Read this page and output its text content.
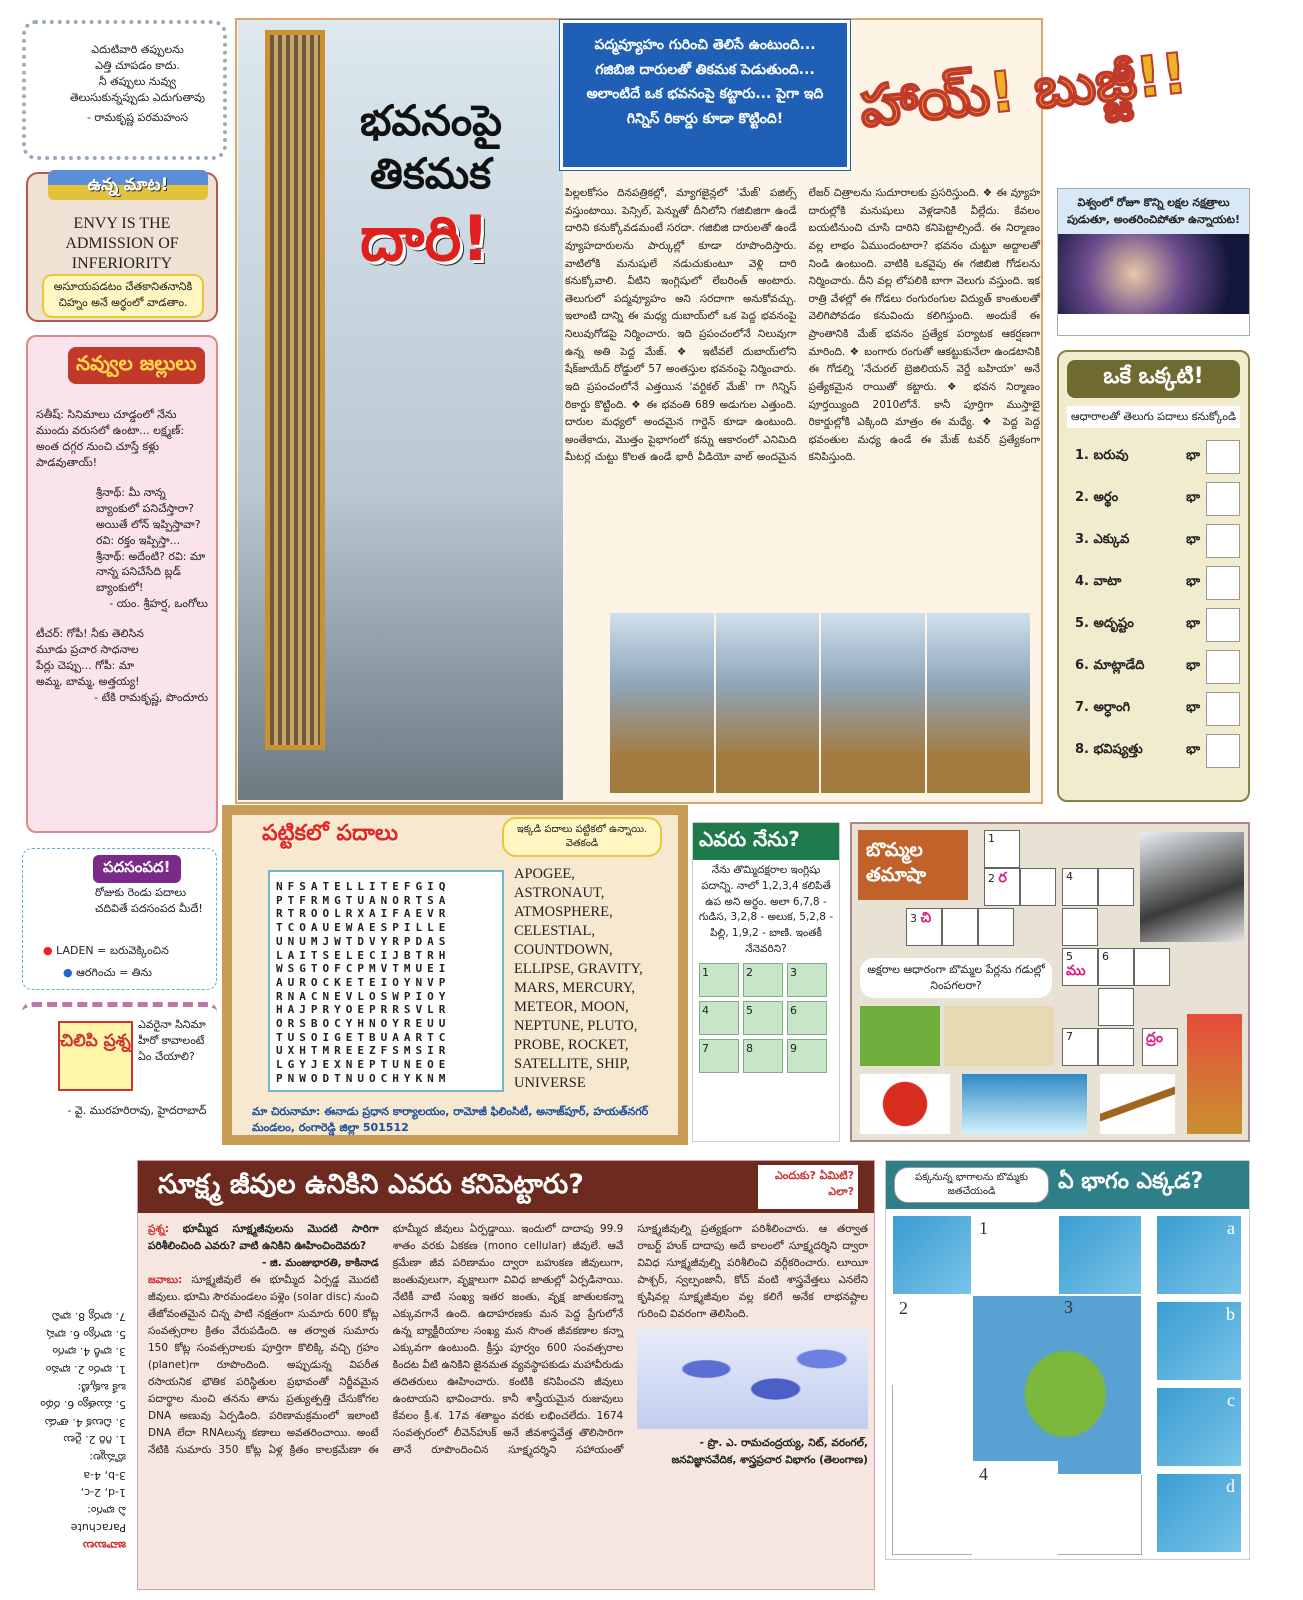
ఎదుటివారి తప్పులను
ఎత్తి చూపడం కాదు.
నీ తప్పులు నువ్వు
తెలుసుకున్నప్పుడు ఎదుగుతావు
- రామకృష్ణ పరమహంస
ఉన్న మాట!
ENVY IS THE ADMISSION OF INFERIORITY
అసూయపడటం చేతకానితనానికి చిహ్నం అనే అర్థంలో వాడతాం.
నవ్వుల జల్లులు

సతీష్: సినిమాలు చూడ్డంలో నేను ముందు వరుసలో ఉంటా... లక్ష్మణ్: అంత దగ్గర నుంచి చూస్తే కళ్లు పాడవుతాయ్!

శ్రీనాథ్: మీ నాన్న బ్యాంకులో పనిచేస్తారా? అయితే లోన్ ఇప్పిస్తావా? రవి: రక్తం ఇప్పిస్తా... శ్రీనాథ్: అదేంటి? రవి: మా నాన్న పనిచేసేది బ్లడ్ బ్యాంకులో!

- యం. శ్రీహర్ష, ఒంగోలు

టీచర్: గోపీ! నీకు తెలిసిన మూడు ప్రచార సాధనాల పేర్లు చెప్పు... గోపీ: మా అమ్మ, బామ్మ, అత్తయ్య!

- టేకి రామకృష్ణ, పొందూరు

పదసంపద!
రోజుకు రెండు పదాలు చదివితే పదసంపద మీదే!
● LADEN = బరువెక్కించిన
● ఆరగించు = తిను
చిలిపి ప్రశ్న
ఎవరైనా సినిమా హీరో కావాలంటే ఏం చేయాలి?
- వై. మురహరిరావు, హైదరాబాద్
భవనంపై
తికమక
దారి!
పద్మవ్యూహం గురించి తెలిసే ఉంటుంది... గజిబిజి దారులతో తికమక పెడుతుంది... అలాంటిదే ఒక భవనంపై కట్టారు... పైగా ఇది గిన్నిస్ రికార్డు కూడా కొట్టింది!
పిల్లలకోసం దినపత్రికల్లో, మ్యాగజైన్లలో 'మేజ్' పజిల్స్ వస్తుంటాయి. పెన్సిల్, పెన్నుతో దీనిలోని గజిబిజిగా ఉండే దారిని కనుక్కోవడమంటే సరదా. గజిబిజి దారులతో ఉండే వ్యూహదారులను పార్కుల్లో కూడా రూపొందిస్తారు. వాటిలోకి మనుషులే నడుచుకుంటూ వెళ్లి దారి కనుక్కోవాలి. వీటిని ఇంగ్లిషులో లేబరింత్ అంటారు. తెలుగులో పద్మవ్యూహం అని సరదాగా అనుకోవచ్చు. ఇలాంటి దాన్ని ఈ మధ్య దుబాయ్‌లో ఒక పెద్ద భవనంపై నిలువుగోడపై నిర్మించారు. ఇది ప్రపంచంలోనే నిలువుగా ఉన్న అతి పెద్ద మేజ్. ❖ ఇటీవలే దుబాయ్‌లోని షేక్‌జాయేద్ రోడ్డులో 57 అంతస్తుల భవనంపై నిర్మించారు. ఇది ప్రపంచంలోనే ఎత్తయిన 'వర్టికల్ మేజ్' గా గిన్నిస్ రికార్డు కొట్టింది. ❖ ఈ భవంతి 689 అడుగుల ఎత్తుంది. దారుల మధ్యలో అందమైన గార్డెన్ కూడా ఉంటుంది. అంతేకాదు, మొత్తం పైభాగంలో కన్ను ఆకారంలో ఎనిమిది మీటర్ల చుట్టు కొలత ఉండే భారీ వీడియో వాల్ అందమైన లేజర్ చిత్రాలను సుదూరాలకు ప్రసరిస్తుంది. ❖ ఈ వ్యూహ దారుల్లోకి మనుషులు వెళ్లడానికి వీల్లేదు. కేవలం బయటినుంచి చూసి దారిని కనిపెట్టాల్సిందే. ఈ నిర్మాణం వల్ల లాభం ఏముందంటారా? భవనం చుట్టూ అద్దాలతో నిండి ఉంటుంది. వాటికి ఒకవైపు ఈ గజిబిజి గోడలను నిర్మించారు. దీని వల్ల లోపలికి బాగా వెలుగు వస్తుంది. ఇక రాత్రి వేళల్లో ఈ గోడలు రంగురంగుల విద్యుత్ కాంతులతో వెలిగిపోవడం కనువిందు కలిగిస్తుంది. అందుకే ఈ ప్రాంతానికి మేజ్ భవనం ప్రత్యేక పర్యాటక ఆకర్షణగా మారింది. ❖ బంగారు రంగుతో ఆకట్టుకునేలా ఉండటానికి ఈ గోడల్ని 'నేచురల్ బ్రెజిలియన్ వెర్డే బహియా' అనే ప్రత్యేకమైన రాయితో కట్టారు. ❖ భవన నిర్మాణం పూర్తయ్యింది 2010లోనే. కానీ పూర్తిగా ముస్తాబై రికార్డుల్లోకి ఎక్కింది మాత్రం ఈ మధ్యే. ❖ పెద్ద పెద్ద భవంతుల మధ్య ఉండే ఈ మేజ్ టవర్ ప్రత్యేకంగా కనిపిస్తుంది.
హాయ్! బుజ్జీ!!
విశ్వంలో రోజూ కొన్ని లక్షల నక్షత్రాలు పుడుతూ, అంతరించిపోతూ ఉన్నాయట!
ఒకే ఒక్కటి!
ఆధారాలతో తెలుగు పదాలు కనుక్కోండి
1. బరువు	భా
2. అర్థం	భా
3. ఎక్కువ	భా
4. వాటా	భా
5. అదృష్టం	భా
6. మాట్లాడేది	భా
7. అర్ధాంగి	భా
8. భవిష్యత్తు	భా
పట్టికలో పదాలు	ఇక్కడి పదాలు పట్టికలో ఉన్నాయి. వెతకండి
NFSATELLITEFGIQ
PTFRMGTUANORTSA
RTROOLRXAIFAEVR
TCOAUEWAESPILLE
UNUMJWTDVYRPDAS
LAITSELECIJBTRH
WSGTOFCPMVTMUEI
AUROCKETEIOYNVP
RNACNEVLOSWPIOY
HAJPRYOEPRRSVLR
ORSBOCYHNOYREUU
TUSOIGETBUAARTC
UXHTMREEZFSMSIR
LGYJEXNEPTUNEOE
PNWODTNUOCHYKNM
APOGEE,
ASTRONAUT,
ATMOSPHERE,
CELESTIAL,
COUNTDOWN,
ELLIPSE, GRAVITY,
MARS, MERCURY,
METEOR, MOON,
NEPTUNE, PLUTO,
PROBE, ROCKET,
SATELLITE, SHIP,
UNIVERSE
మా చిరునామా: ఈనాడు ప్రధాన కార్యాలయం, రామోజీ ఫిలింసిటీ, అనాజ్‌పూర్, హయత్‌నగర్ మండలం, రంగారెడ్డి జిల్లా 501512
ఎవరు నేను?
నేను తొమ్మిదక్షరాల ఇంగ్లిషు పదాన్ని. నాలో 1,2,3,4 కలిపితే ఉప అని అర్థం. అలా 6,7,8 - గుడిస, 3,2,8 - అలుక, 5,2,8 - పిల్లి, 1,9,2 - బాణి. ఇంతకీ నేనెవరిని?
1	2	3
4	5	6
7	8	9
బొమ్మల తమాషా
1
2 ర	4
3 చి
5 ము
6
7	ద్రం
అక్షరాల ఆధారంగా బొమ్మల పేర్లను గడుల్లో నింపగలరా?
జవాబులు
Parachute
ఏ భాగం:
1-d, 2-c,
3-b, 4-a
బొమ్మల:
1. గిరి 2. రైలు
3. చిలుక 4. తాడు
5. ముత్యం 6. రథం
ఒకే ఒక్కటి:
1. భారం 2. భావం
3. భారీ 4. భాగం
5. భాగ్యం 6. భాష
7. భార్య 8. భావి
సూక్ష్మ జీవుల ఉనికిని ఎవరు కనిపెట్టారు?	ఎందుకు? ఏమిటి? ఎలా?

ప్రశ్న: భూమ్మీద సూక్ష్మజీవులను మొదటి సారిగా పరిశీలించింది ఎవరు? వాటి ఉనికిని ఊహించిందెవరు?

- జి. మంజుభారతి, కాకినాడ

జవాబు: సూక్ష్మజీవులే ఈ భూమ్మీద ఏర్పడ్డ మొదటి జీవులు. భూమి సౌరమండలం పళ్లెం (solar disc) నుంచి తేజోవంతమైన చిన్న పాటి నక్షత్రంగా సుమారు 600 కోట్ల సంవత్సరాల క్రితం వేరుపడింది. ఆ తర్వాత సుమారు 150 కోట్ల సంవత్సరాలకు పూర్తిగా కొలిక్కి వచ్చి గ్రహం (planet)గా రూపొందింది. అప్పుడున్న విపరీత రసాయనిక భౌతిక పరిస్థితుల ప్రభావంతో నిర్జీవమైన పదార్థాల నుంచి తనను తాను ప్రత్యుత్పత్తి చేసుకోగల DNA అణువు ఏర్పడింది. పరిణామక్రమంలో ఇలాంటి DNA లేదా RNAలున్న కణాలు అవతరించాయి. అంటే నేటికి సుమారు 350 కోట్ల ఏళ్ల క్రితం కాలక్రమేణా ఈ భూమ్మీద జీవులు ఏర్పడ్డాయి. ఇందులో దాదాపు 99.9 శాతం వరకు ఏకకణ (mono cellular) జీవులే. ఆవే క్రమేణా జీవ పరిణామం ద్వారా బహుకణ జీవులుగా, జంతువులుగా, వృక్షాలుగా వివిధ జాతుల్లో ఏర్పడినాయి. నేటికీ వాటి సంఖ్య ఇతర జంతు, వృక్ష జాతులకన్నా ఎక్కువగానే ఉంది. ఉదాహరణకు మన పెద్ద ప్రేగులోనే ఉన్న బ్యాక్టీరియాల సంఖ్య మన సొంత జీవకణాల కన్నా ఎక్కువగా ఉంటుంది. క్రీస్తు పూర్వం 600 సంవత్సరాల కిందట వీటి ఉనికిని జైనమత వ్యవస్థాపకుడు మహావీరుడు తదితరులు ఊహించారు. కంటికి కనిపించని జీవులు ఉంటాయని భావించారు. కానీ శాస్త్రీయమైన రుజువులు కేవలం క్రీ.శ. 17వ శతాబ్దం వరకు లభించలేదు. 1674 సంవత్సరంలో లీవెన్‌హుక్ అనే జీవశాస్త్రవేత్త తొలిసారిగా తానే రూపొందించిన సూక్ష్మదర్శిని సహాయంతో సూక్ష్మజీవుల్ని ప్రత్యక్షంగా పరిశీలించారు. ఆ తర్వాత రాబర్ట్ హుక్ దాదాపు అదే కాలంలో సూక్ష్మదర్శిని ద్వారా వివిధ సూక్ష్మజీవుల్ని పరిశీలించి వర్గీకరించారు. లూయీ పాశ్చర్, స్వల్పంజానీ, కోచ్ వంటి శాస్త్రవేత్తలు ఎనలేని కృషివల్ల సూక్ష్మజీవుల వల్ల కలిగే అనేక లాభనష్టాల గురించి వివరంగా తెలిసింది.

- ప్రొ. ఎ. రామచంద్రయ్య, నిట్, వరంగల్, జనవిజ్ఞానవేదిక, శాస్త్రప్రచార విభాగం (తెలంగాణ)

ఏ భాగం ఎక్కడ?
పక్కనున్న భాగాలను బొమ్మకు జతచేయండి
1
2	3
4
a
b
c
d
